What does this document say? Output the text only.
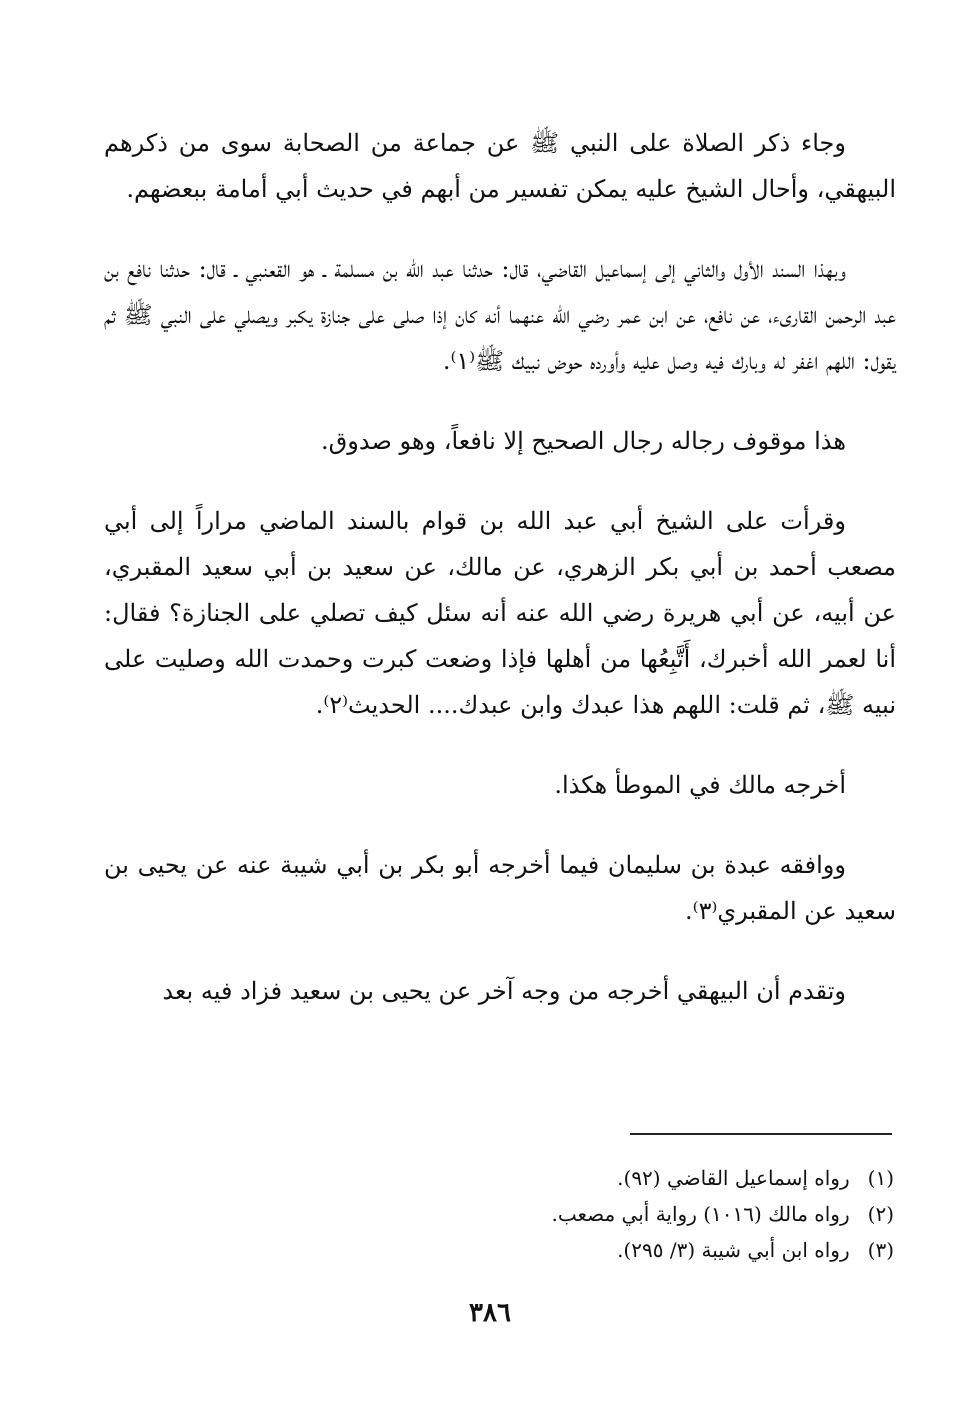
وجاء ذكر الصلاة على النبي ﷺ عن جماعة من الصحابة سوى من ذكرهم البيهقي، وأحال الشيخ عليه يمكن تفسير من أبهم في حديث أبي أمامة ببعضهم.

وبهذا السند الأول والثاني إلى إسماعيل القاضي، قال: حدثنا عبد الله بن مسلمة ـ هو القعنبي ـ قال: حدثنا نافع بن عبد الرحمن القارىء، عن نافع، عن ابن عمر رضي الله عنهما أنه كان إذا صلى على جنازة يكبر ويصلي على النبي ﷺ ثم يقول: اللهم اغفر له وبارك فيه وصل عليه وأورده حوض نبيك ﷺ⁽١⁾.

هذا موقوف رجاله رجال الصحيح إلا نافعاً، وهو صدوق.

وقرأت على الشيخ أبي عبد الله بن قوام بالسند الماضي مراراً إلى أبي مصعب أحمد بن أبي بكر الزهري، عن مالك، عن سعيد بن أبي سعيد المقبري، عن أبيه، عن أبي هريرة رضي الله عنه أنه سئل كيف تصلي على الجنازة؟ فقال: أنا لعمر الله أخبرك، أَتَّبِعُها من أهلها فإذا وضعت كبرت وحمدت الله وصليت على نبيه ﷺ، ثم قلت: اللهم هذا عبدك وابن عبدك.... الحديث⁽٢⁾.

أخرجه مالك في الموطأ هكذا.

ووافقه عبدة بن سليمان فيما أخرجه أبو بكر بن أبي شيبة عنه عن يحيى بن سعيد عن المقبري⁽٣⁾.

وتقدم أن البيهقي أخرجه من وجه آخر عن يحيى بن سعيد فزاد فيه بعد

(١)رواه إسماعيل القاضي (٩٢).

(٢)رواه مالك (١٠١٦) رواية أبي مصعب.

(٣)رواه ابن أبي شيبة (٣/ ٢٩٥).

٣٨٦
